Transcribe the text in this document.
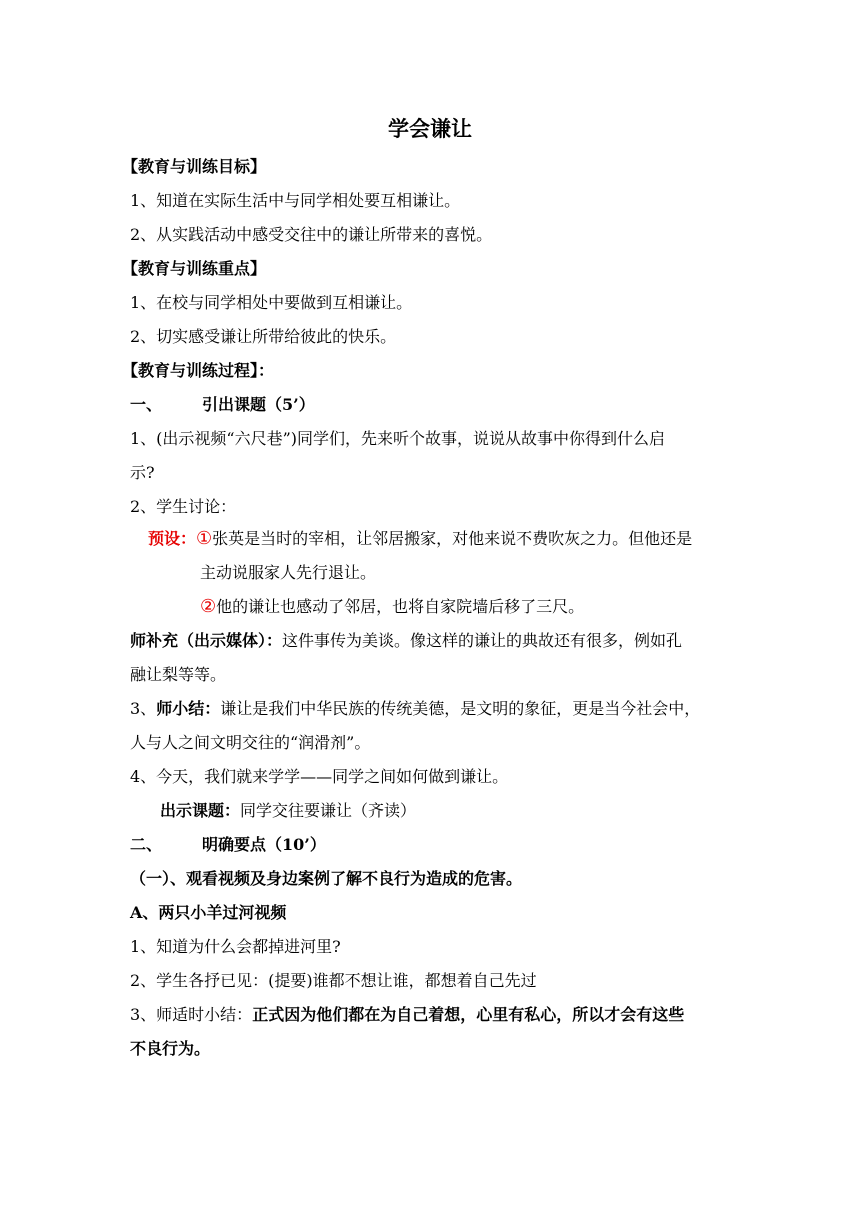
学会谦让
【教育与训练目标】
1、知道在实际生活中与同学相处要互相谦让。
2、从实践活动中感受交往中的谦让所带来的喜悦。
【教育与训练重点】
1、在校与同学相处中要做到互相谦让。
2、切实感受谦让所带给彼此的快乐。
【教育与训练过程】：
一、	引出课题（5’）
1、(出示视频“六尺巷”)同学们，先来听个故事，说说从故事中你得到什么启
示?
2、学生讨论：
预设：①张英是当时的宰相，让邻居搬家，对他来说不费吹灰之力。但他还是
主动说服家人先行退让。
②他的谦让也感动了邻居，也将自家院墙后移了三尺。
师补充（出示媒体）：这件事传为美谈。像这样的谦让的典故还有很多，例如孔
融让梨等等。
3、师小结：谦让是我们中华民族的传统美德，是文明的象征，更是当今社会中，
人与人之间文明交往的“润滑剂”。
4、今天，我们就来学学——同学之间如何做到谦让。
出示课题：同学交往要谦让（齐读）
二、	明确要点（10’）
（一）、观看视频及身边案例了解不良行为造成的危害。
A、两只小羊过河视频
1、知道为什么会都掉进河里?
2、学生各抒已见：(提要)谁都不想让谁，都想着自己先过
3、师适时小结：正式因为他们都在为自己着想，心里有私心，所以才会有这些
不良行为。
